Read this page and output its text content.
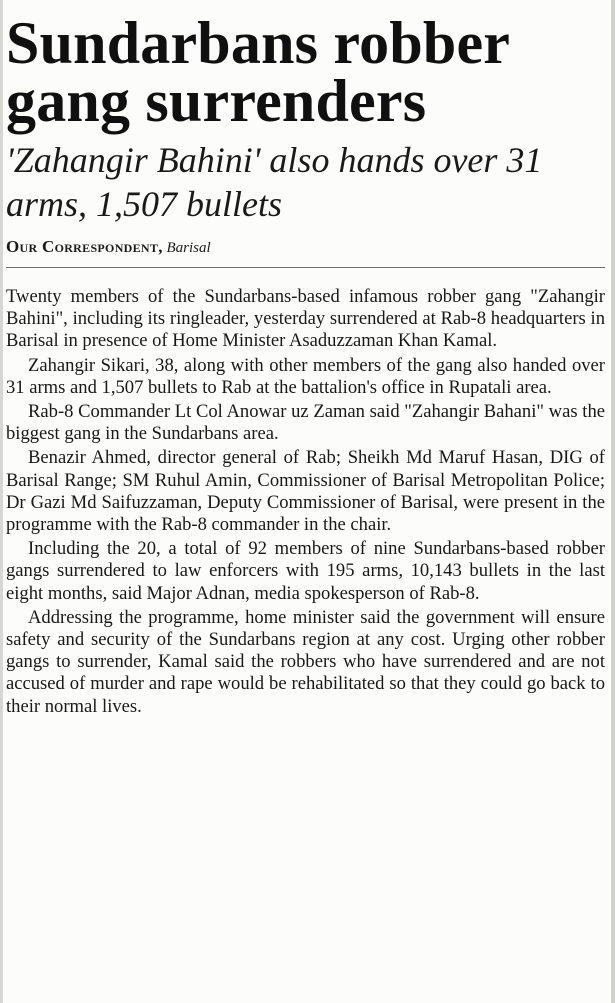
Sundarbans robber gang surrenders
'Zahangir Bahini' also hands over 31 arms, 1,507 bullets
Our Correspondent, Barisal

Twenty members of the Sundarbans-based infamous robber gang "Zahangir Bahini", including its ringleader, yesterday surrendered at Rab-8 headquarters in Barisal in presence of Home Minister Asaduzzaman Khan Kamal.

Zahangir Sikari, 38, along with other members of the gang also handed over 31 arms and 1,507 bullets to Rab at the battalion's office in Rupatali area.

Rab-8 Commander Lt Col Anowar uz Zaman said "Zahangir Bahani" was the biggest gang in the Sundarbans area.

Benazir Ahmed, director general of Rab; Sheikh Md Maruf Hasan, DIG of Barisal Range; SM Ruhul Amin, Commissioner of Barisal Metropolitan Police; Dr Gazi Md Saifuzzaman, Deputy Commissioner of Barisal, were present in the programme with the Rab-8 commander in the chair.

Including the 20, a total of 92 members of nine Sundarbans-based robber gangs surrendered to law enforcers with 195 arms, 10,143 bullets in the last eight months, said Major Adnan, media spokesperson of Rab-8.

Addressing the programme, home minister said the government will ensure safety and security of the Sundarbans region at any cost. Urging other robber gangs to surrender, Kamal said the robbers who have surrendered and are not accused of murder and rape would be rehabilitated so that they could go back to their normal lives.
